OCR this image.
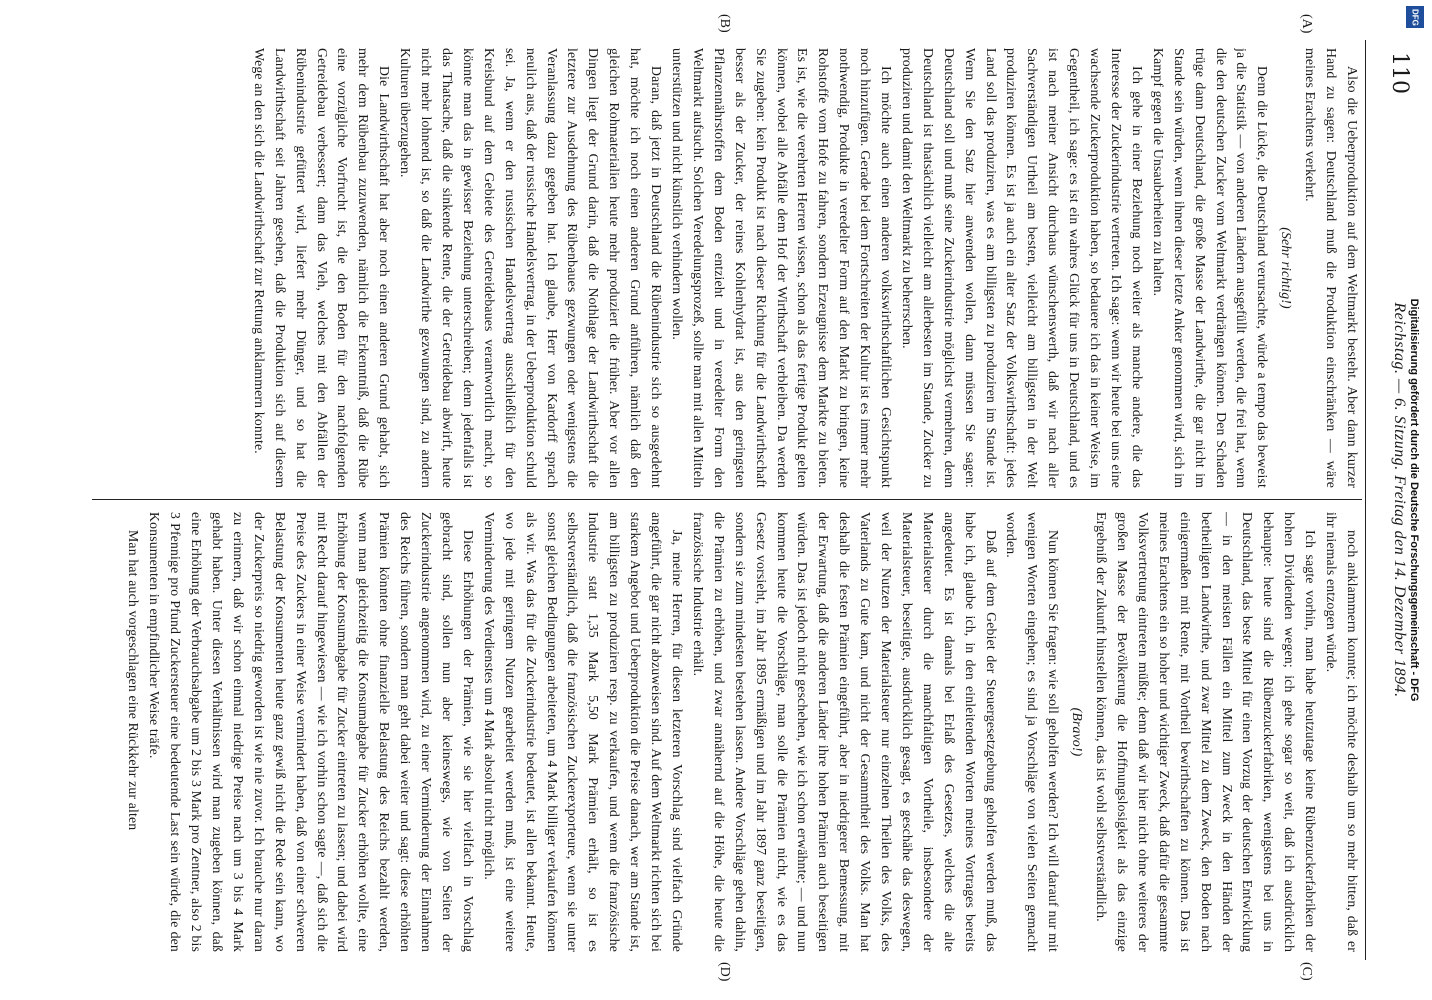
110
Reichstag. — 6. Sitzung. Freitag den 14. Dezember 1894.
(A)
(B)
(C)
(D)

Also die Ueberproduktion auf dem Weltmarkt besteht. Aber dann kurzer Hand zu sagen: Deutschland muß die Produktion einschränken — wäre meines Erachtens verkehrt.

(Sehr richtig!)

Denn die Lücke, die Deutschland verursachte, würde a tempo das beweist ja die Statistik — von anderen Ländern ausgefüllt werden, die frei hat, wenn die den deutschen Zucker vom Weltmarkt verdrängen können. Den Schaden trüge dann Deutschland, die große Masse der Landwirthe, die gar nicht im Stande sein würden, wenn ihnen dieser letzte Anker genommen wird, sich im Kampf gegen die Unsauberheiten zu halten.

Ich gehe in einer Beziehung noch weiter als manche andere, die das Interesse der Zuckerindustrie vertreten. Ich sage: wenn wir heute bei uns eine wachsende Zuckerproduktion haben, so bedauere ich das in keiner Weise, im Gegentheil, ich sage: es ist ein wahres Glück für uns in Deutschland, und es ist nach meiner Ansicht durchaus wünschenswerth, daß wir nach aller Sachverständigen Urtheil am besten, vielleicht am billigsten in der Welt produziren können. Es ist ja auch ein alter Satz der Volkswirthschaft: jedes Land soll das produziren, was es am billigsten zu produziren im Stande ist. Wenn Sie den Satz hier anwenden wollen, dann müssen Sie sagen: Deutschland soll und muß seine Zuckerindustrie möglichst vermehren, denn Deutschland ist thatsächlich vielleicht am allerbesten im Stande, Zucker zu produziren und damit den Weltmarkt zu beherrschen.

Ich möchte auch einen anderen volkswirthschaftlichen Gesichtspunkt noch hinzufügen. Gerade bei dem Fortschreiten der Kultur ist es immer mehr nothwendig, Produkte in veredelter Form auf den Markt zu bringen, keine Rohstoffe vom Hofe zu fahren, sondern Erzeugnisse dem Markte zu bieten. Es ist, wie die verehrten Herren wissen, schon als das fertige Produkt gelten können, wobei alle Abfälle dem Hof der Wirthschaft verbleiben. Da werden Sie zugeben: kein Produkt ist nach dieser Richtung für die Landwirthschaft besser als der Zucker, der reines Kohlenhydrat ist, aus den geringsten Pflanzennährstoffen dem Boden entzieht und in veredelter Form den Weltmarkt aufsucht. Solchen Veredelungsprozeß, sollte man mit allen Mitteln unterstützen und nicht künstlich verhindern wollen.

Daran, daß jetzt in Deutschland die Rübenindustrie sich so ausgedehnt hat, möchte ich noch einen anderen Grund anführen, nämlich daß den gleichen Rohmaterialien heute mehr produziert die früher. Aber vor allen Dingen liegt der Grund darin, daß die Nothlage der Landwirthschaft die letztere zur Ausdehnung des Rübenbaues gezwungen oder wenigstens die Veranlassung dazu gegeben hat. Ich glaube, Herr von Kardorff sprach neulich aus, daß der russische Handelsvertrag, in der Ueberproduktion schuld sei. Ja, wenn er den russischen Handelsvertrag ausschließlich für den Kreisbund auf dem Gebiete des Getreidebaues verantwortlich macht, so könnte man das in gewisser Beziehung unterschreiben; denn jedenfalls ist das Thatsache, daß die sinkende Rente, die der Getreidebau abwirft, heute nicht mehr lohnend ist, so daß die Landwirthe gezwungen sind, zu andern Kulturen überzugehen.

Die Landwirthschaft hat aber noch einen anderen Grund gehabt, sich mehr dem Rübenbau zuzuwenden, nämlich die Erkenntniß, daß die Rübe eine vorzügliche Vorfrucht ist, die den Boden für den nachfolgenden Getreidebau verbessert; dann das Vieh, welches mit den Abfällen der Rübenindustrie gefüttert wird, liefert mehr Dünger, und so hat die Landwirthschaft seit Jahren gesehen, daß die Produktion sich auf diesem Wege an den sich die Landwirthschaft zur Rettung anklammern konnte.

noch anklammern konnte; ich möchte deshalb um so mehr bitten, daß er ihr niemals entzogen würde.

Ich sagte vorhin, man habe heutzutage keine Rübenzuckerfabriken der hohen Dividenden wegen; ich gehe sogar so weit, daß ich ausdrücklich behaupte: heute sind die Rübenzuckerfabriken, wenigstens bei uns in Deutschland, das beste Mittel für einen Vorzug der deutschen Entwicklung — in den meisten Fällen ein Mittel zum Zweck in den Händen der betheiligten Landwirthe, und zwar Mittel zu dem Zweck, den Boden nach einigermaßen mit Rente, mit Vortheil bewirthschaften zu können. Das ist meines Erachtens ein so hoher und wichtiger Zweck, daß dafür die gesammte Volksvertretung eintreten müßte; denn daß wir hier nicht ohne weiteres der großen Masse der Bevölkerung die Hoffnungslosigkeit als das einzige Ergebniß der Zukunft hinstellen können, das ist wohl selbstverständlich.

(Bravo!)

Nun können Sie fragen: wie soll geholfen werden? Ich will darauf nur mit wenigen Worten eingehen; es sind ja Vorschläge von vielen Seiten gemacht worden.

Daß auf dem Gebiet der Steuergesetzgebung geholfen werden muß, das habe ich, glaube ich, in den einleitenden Worten meines Vortrages bereits angedeutet. Es ist damals bei Erlaß des Gesetzes, welches die alte Materialsteuer durch die manchfaltigen Vortheile, insbesondere der Materialsteuer, beseitigte, ausdrücklich gesagt, es geschähe das deswegen, weil der Nutzen der Materialsteuer nur einzelnen Theilen des Volks, des Vaterlands zu Gute kam, und nicht der Gesammtheit des Volks. Man hat deshalb die festen Prämien eingeführt, aber in niedrigerer Bemessung, mit der Erwartung, daß die anderen Länder ihre hohen Prämien auch beseitigen würden. Das ist jedoch nicht geschehen, wie ich schon erwähnte; — und nun kommen heute die Vorschläge, man solle die Prämien nicht, wie es das Gesetz vorsieht, im Jahr 1895 ermäßigen und im Jahr 1897 ganz beseitigen, sondern sie zum mindesten bestehen lassen. Andere Vorschläge gehen dahin, die Prämien zu erhöhen, und zwar annähernd auf die Höhe, die heute die französische Industrie erhält.

Ja, meine Herren, für diesen letzteren Vorschlag sind vielfach Gründe angeführt, die gar nicht abzuweisen sind. Auf dem Weltmarkt richten sich bei starkem Angebot und Ueberproduktion die Preise danach, wer am Stande ist, am billigsten zu produziren resp. zu verkaufen, und wenn die französische Industrie statt 1,35 Mark 5,50 Mark Prämien erhält, so ist es selbstverständlich, daß die französischen Zuckerexporteure, wenn sie unter sonst gleichen Bedingungen arbeiteten, um 4 Mark billiger verkaufen können als wir. Was das für die Zuckerindustrie bedeutet, ist allen bekannt. Heute, wo jede mit geringem Nutzen gearbeitet werden muß, ist eine weitere Verminderung des Verdienstes um 4 Mark absolut nicht möglich.

Diese Erhöhungen der Prämien, wie sie hier vielfach in Vorschlag gebracht sind, sollen nun aber keineswegs, wie von Seiten der Zuckerindustrie angenommen wird, zu einer Verminderung der Einnahmen des Reichs führen, sondern man geht dabei weiter und sagt: diese erhöhten Prämien könnten ohne finanzielle Belastung des Reichs bezahlt werden, wenn man gleichzeitig die Konsumabgabe für Zucker erhöhen wollte, eine Erhöhung der Konsumabgabe für Zucker eintreten zu lassen; und dabei wird mit Recht darauf hingewiesen — wie ich vorhin schon sagte —, daß sich die Preise des Zuckers in einer Weise vermindert haben, daß von einer schweren Belastung der Konsumenten heute ganz gewiß nicht die Rede sein kann, wo der Zuckerpreis so niedrig geworden ist wie nie zuvor. Ich brauche nur daran zu erinnern, daß wir schon einmal niedrige Preise nach um 3 bis 4 Mark gehabt haben. Unter diesen Verhältnissen wird man zugeben können, daß eine Erhöhung der Verbrauchsabgabe um 2 bis 3 Mark pro Zentner, also 2 bis 3 Pfennige pro Pfund Zuckersteuer eine bedeutende Last sein würde, die den Konsumenten in empfindlicher Weise träfe.

Man hat auch vorgeschlagen eine Rückkehr zur alten	Digitalisierung gefördert durch die Deutsche Forschungsgemeinschaft - DFG
DFG
